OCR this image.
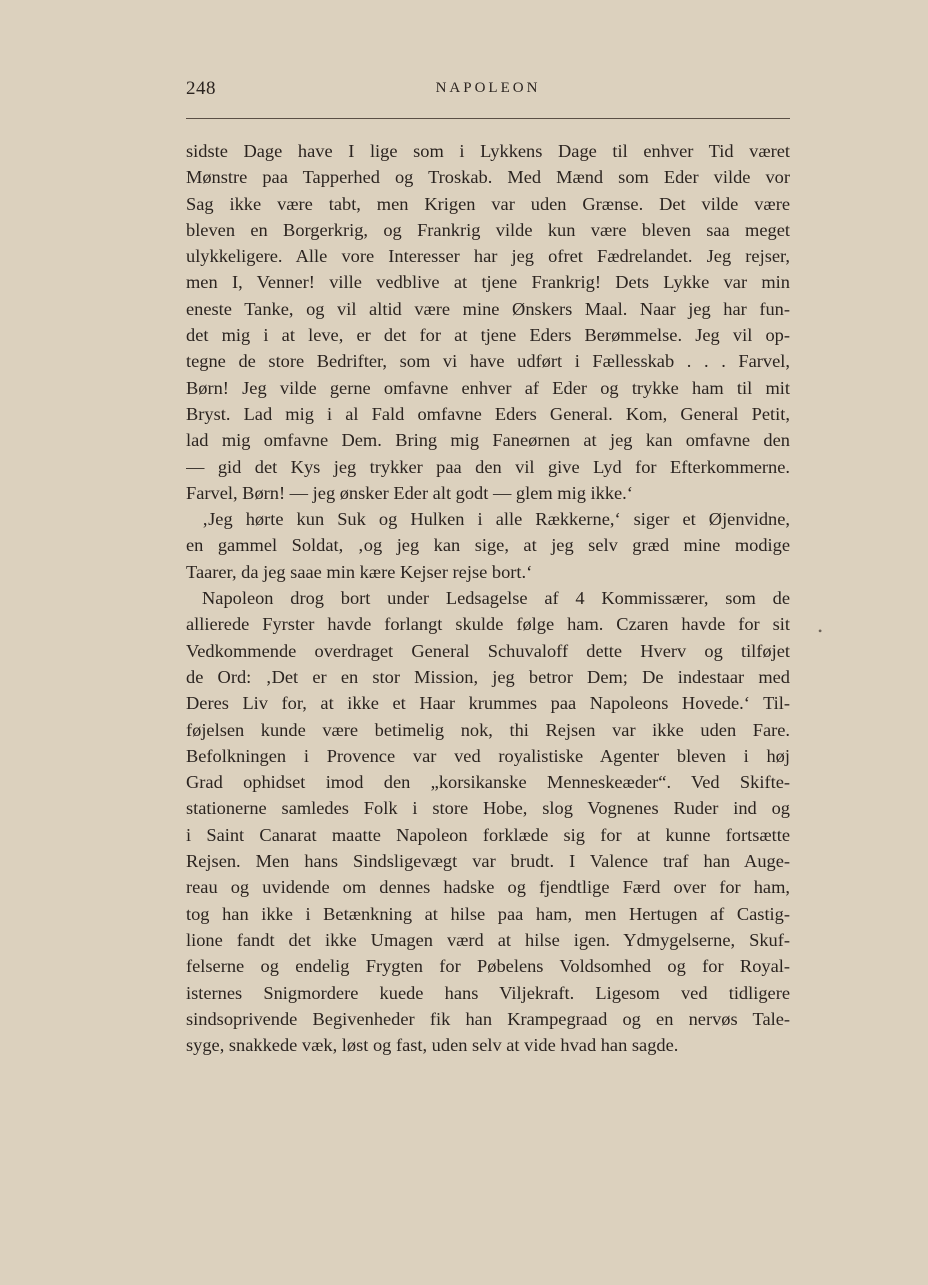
248	NAPOLEON
sidste Dage have I lige som i Lykkens Dage til enhver Tid været
Mønstre paa Tapperhed og Troskab. Med Mænd som Eder vilde vor
Sag ikke være tabt, men Krigen var uden Grænse. Det vilde være
bleven en Borgerkrig, og Frankrig vilde kun være bleven saa meget
ulykkeligere. Alle vore Interesser har jeg ofret Fædrelandet. Jeg rejser,
men I, Venner! ville vedblive at tjene Frankrig! Dets Lykke var min
eneste Tanke, og vil altid være mine Ønskers Maal. Naar jeg har fun-
det mig i at leve, er det for at tjene Eders Berømmelse. Jeg vil op-
tegne de store Bedrifter, som vi have udført i Fællesskab . . . Farvel,
Børn! Jeg vilde gerne omfavne enhver af Eder og trykke ham til mit
Bryst. Lad mig i al Fald omfavne Eders General. Kom, General Petit,
lad mig omfavne Dem. Bring mig Faneørnen at jeg kan omfavne den
— gid det Kys jeg trykker paa den vil give Lyd for Efterkommerne.
Farvel, Børn! — jeg ønsker Eder alt godt — glem mig ikke.‘
‚Jeg hørte kun Suk og Hulken i alle Rækkerne,‘ siger et Øjenvidne,
en gammel Soldat, ‚og jeg kan sige, at jeg selv græd mine modige
Taarer, da jeg saae min kære Kejser rejse bort.‘
Napoleon drog bort under Ledsagelse af 4 Kommissærer, som de
allierede Fyrster havde forlangt skulde følge ham. Czaren havde for sit
Vedkommende overdraget General Schuvaloff dette Hverv og tilføjet
de Ord: ‚Det er en stor Mission, jeg betror Dem; De indestaar med
Deres Liv for, at ikke et Haar krummes paa Napoleons Hovede.‘ Til-
føjelsen kunde være betimelig nok, thi Rejsen var ikke uden Fare.
Befolkningen i Provence var ved royalistiske Agenter bleven i høj
Grad ophidset imod den „korsikanske Menneskeæder“. Ved Skifte-
stationerne samledes Folk i store Hobe, slog Vognenes Ruder ind og
i Saint Canarat maatte Napoleon forklæde sig for at kunne fortsætte
Rejsen. Men hans Sindsligevægt var brudt. I Valence traf han Auge-
reau og uvidende om dennes hadske og fjendtlige Færd over for ham,
tog han ikke i Betænkning at hilse paa ham, men Hertugen af Castig-
lione fandt det ikke Umagen værd at hilse igen. Ydmygelserne, Skuf-
felserne og endelig Frygten for Pøbelens Voldsomhed og for Royal-
isternes Snigmordere kuede hans Viljekraft. Ligesom ved tidligere
sindsoprivende Begivenheder fik han Krampegraad og en nervøs Tale-
syge, snakkede væk, løst og fast, uden selv at vide hvad han sagde.
•
